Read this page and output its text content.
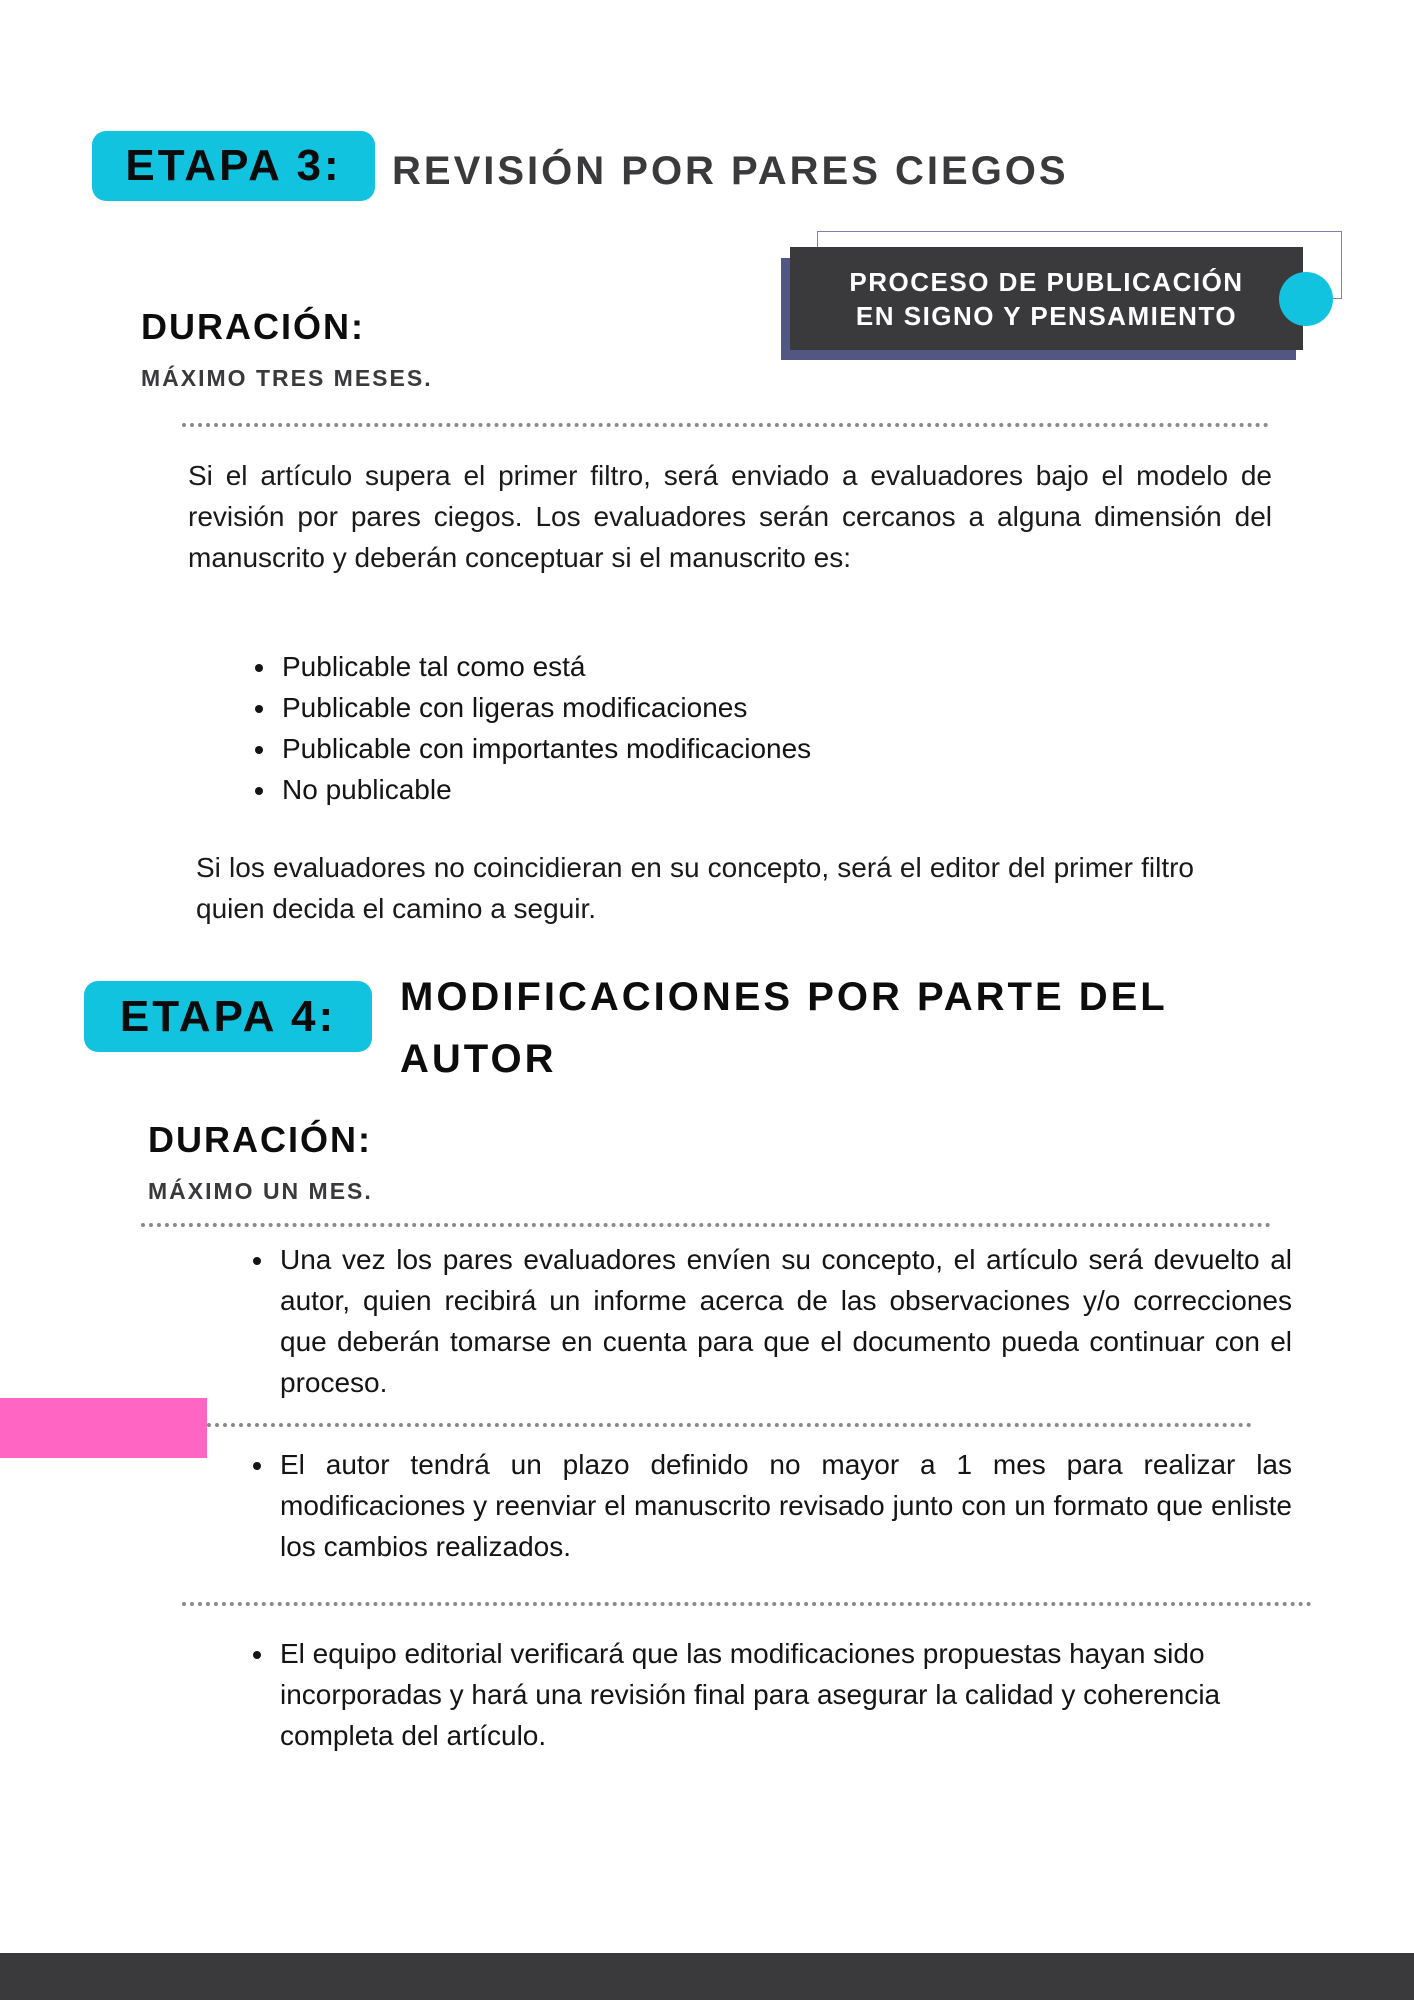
ETAPA 3: REVISIÓN POR PARES CIEGOS
PROCESO DE PUBLICACIÓN
EN SIGNO Y PENSAMIENTO
DURACIÓN:
MÁXIMO TRES MESES.
Si el artículo supera el primer filtro, será enviado a evaluadores bajo el modelo de revisión por pares ciegos. Los evaluadores serán cercanos a alguna dimensión del manuscrito y deberán conceptuar si el manuscrito es:
• Publicable tal como está
• Publicable con ligeras modificaciones
• Publicable con importantes modificaciones
• No publicable
Si los evaluadores no coincidieran en su concepto, será el editor del primer filtro quien decida el camino a seguir.
ETAPA 4: MODIFICACIONES POR PARTE DEL
AUTOR
DURACIÓN:
MÁXIMO UN MES.
• Una vez los pares evaluadores envíen su concepto, el artículo será devuelto al autor, quien recibirá un informe acerca de las observaciones y/o correcciones que deberán tomarse en cuenta para que el documento pueda continuar con el proceso.
• El autor tendrá un plazo definido no mayor a 1 mes para realizar las modificaciones y reenviar el manuscrito revisado junto con un formato que enliste los cambios realizados.
• El equipo editorial verificará que las modificaciones propuestas hayan sido incorporadas y hará una revisión final para asegurar la calidad y coherencia completa del artículo.
